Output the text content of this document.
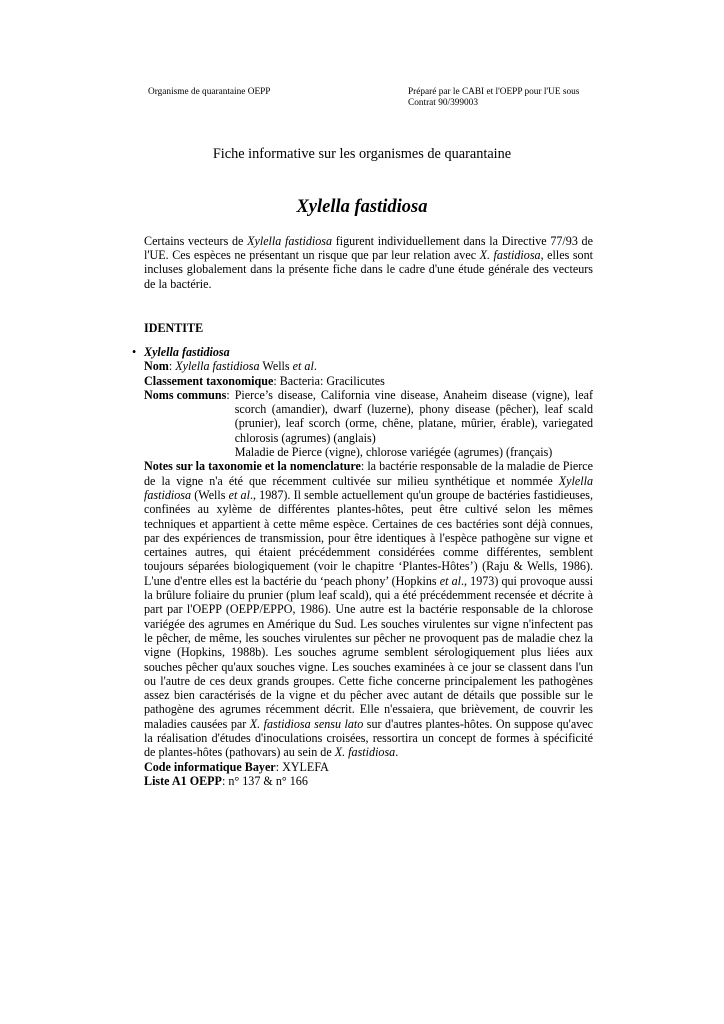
Organisme de quarantaine OEPP	Préparé par le CABI et l'OEPP pour l'UE sous
Contrat 90/399003
Fiche informative sur les organismes de quarantaine
Xylella fastidiosa
Certains vecteurs de Xylella fastidiosa figurent individuellement dans la Directive 77/93 de l'UE. Ces espèces ne présentant un risque que par leur relation avec X. fastidiosa, elles sont incluses globalement dans la présente fiche dans le cadre d'une étude générale des vecteurs de la bactérie.
IDENTITE
• Xylella fastidiosa
Nom: Xylella fastidiosa Wells et al.
Classement taxonomique: Bacteria: Gracilicutes
Noms communs: Pierce’s disease, California vine disease, Anaheim disease (vigne), leaf scorch (amandier), dwarf (luzerne), phony disease (pêcher), leaf scald (prunier), leaf scorch (orme, chêne, platane, mûrier, érable), variegated chlorosis (agrumes) (anglais)
Maladie de Pierce (vigne), chlorose variégée (agrumes) (français)
Notes sur la taxonomie et la nomenclature: la bactérie responsable de la maladie de Pierce de la vigne n'a été que récemment cultivée sur milieu synthétique et nommée Xylella fastidiosa (Wells et al., 1987). Il semble actuellement qu'un groupe de bactéries fastidieuses, confinées au xylème de différentes plantes-hôtes, peut être cultivé selon les mêmes techniques et appartient à cette même espèce. Certaines de ces bactéries sont déjà connues, par des expériences de transmission, pour être identiques à l'espèce pathogène sur vigne et certaines autres, qui étaient précédemment considérées comme différentes, semblent toujours séparées biologiquement (voir le chapitre ‘Plantes-Hôtes’) (Raju & Wells, 1986). L'une d'entre elles est la bactérie du ‘peach phony’ (Hopkins et al., 1973) qui provoque aussi la brûlure foliaire du prunier (plum leaf scald), qui a été précédemment recensée et décrite à part par l'OEPP (OEPP/EPPO, 1986). Une autre est la bactérie responsable de la chlorose variégée des agrumes en Amérique du Sud. Les souches virulentes sur vigne n'infectent pas le pêcher, de même, les souches virulentes sur pêcher ne provoquent pas de maladie chez la vigne (Hopkins, 1988b). Les souches agrume semblent sérologiquement plus liées aux souches pêcher qu'aux souches vigne. Les souches examinées à ce jour se classent dans l'un ou l'autre de ces deux grands groupes. Cette fiche concerne principalement les pathogènes assez bien caractérisés de la vigne et du pêcher avec autant de détails que possible sur le pathogène des agrumes récemment décrit. Elle n'essaiera, que brièvement, de couvrir les maladies causées par X. fastidiosa sensu lato sur d'autres plantes-hôtes. On suppose qu'avec la réalisation d'études d'inoculations croisées, ressortira un concept de formes à spécificité de plantes-hôtes (pathovars) au sein de X. fastidiosa.
Code informatique Bayer: XYLEFA
Liste A1 OEPP: n° 137 & n° 166
